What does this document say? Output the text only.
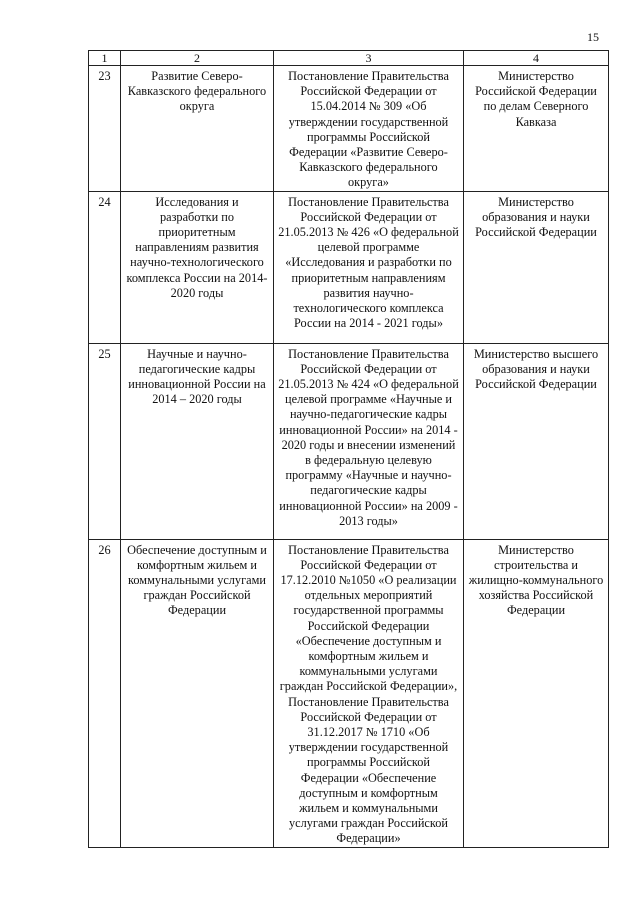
15
1	2	3	4
23	Развитие Северо-Кавказского федерального округа	Постановление Правительства Российской Федерации от 15.04.2014 № 309 «Об утверждении государственной программы Российской Федерации «Развитие Северо-Кавказского федерального округа»	Министерство Российской Федерации по делам Северного Кавказа
24	Исследования и разработки по приоритетным направлениям развития научно-технологического комплекса России на 2014-2020 годы	Постановление Правительства Российской Федерации от 21.05.2013 № 426 «О федеральной целевой программе «Исследования и разработки по приоритетным направлениям развития научно-технологического комплекса России на 2014 - 2021 годы»	Министерство образования и науки Российской Федерации
25	Научные и научно-педагогические кадры инновационной России на 2014 – 2020 годы	Постановление Правительства Российской Федерации от 21.05.2013 № 424 «О федеральной целевой программе «Научные и научно-педагогические кадры инновационной России» на 2014 - 2020 годы и внесении изменений в федеральную целевую программу «Научные и научно-педагогические кадры инновационной России» на 2009 - 2013 годы»	Министерство высшего образования и науки Российской Федерации
26	Обеспечение доступным и комфортным жильем и коммунальными услугами граждан Российской Федерации	Постановление Правительства Российской Федерации от 17.12.2010 №1050 «О реализации отдельных мероприятий государственной программы Российской Федерации «Обеспечение доступным и комфортным жильем и коммунальными услугами граждан Российской Федерации», Постановление Правительства Российской Федерации от 31.12.2017 № 1710 «Об утверждении государственной программы Российской Федерации «Обеспечение доступным и комфортным жильем и коммунальными услугами граждан Российской Федерации»	Министерство строительства и жилищно-коммунального хозяйства Российской Федерации
